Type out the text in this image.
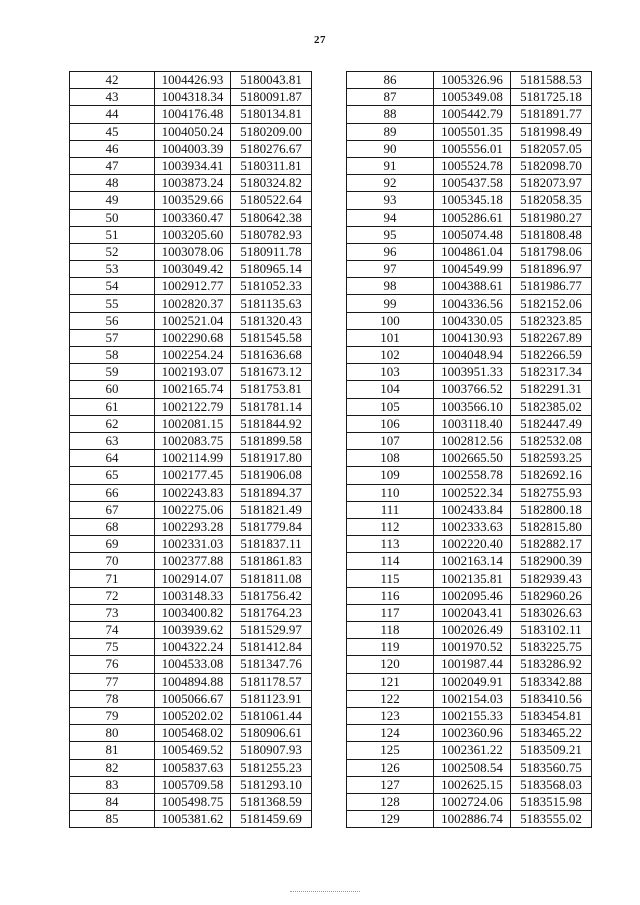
27
42	1004426.93	5180043.81
43	1004318.34	5180091.87
44	1004176.48	5180134.81
45	1004050.24	5180209.00
46	1004003.39	5180276.67
47	1003934.41	5180311.81
48	1003873.24	5180324.82
49	1003529.66	5180522.64
50	1003360.47	5180642.38
51	1003205.60	5180782.93
52	1003078.06	5180911.78
53	1003049.42	5180965.14
54	1002912.77	5181052.33
55	1002820.37	5181135.63
56	1002521.04	5181320.43
57	1002290.68	5181545.58
58	1002254.24	5181636.68
59	1002193.07	5181673.12
60	1002165.74	5181753.81
61	1002122.79	5181781.14
62	1002081.15	5181844.92
63	1002083.75	5181899.58
64	1002114.99	5181917.80
65	1002177.45	5181906.08
66	1002243.83	5181894.37
67	1002275.06	5181821.49
68	1002293.28	5181779.84
69	1002331.03	5181837.11
70	1002377.88	5181861.83
71	1002914.07	5181811.08
72	1003148.33	5181756.42
73	1003400.82	5181764.23
74	1003939.62	5181529.97
75	1004322.24	5181412.84
76	1004533.08	5181347.76
77	1004894.88	5181178.57
78	1005066.67	5181123.91
79	1005202.02	5181061.44
80	1005468.02	5180906.61
81	1005469.52	5180907.93
82	1005837.63	5181255.23
83	1005709.58	5181293.10
84	1005498.75	5181368.59
85	1005381.62	5181459.69
86	1005326.96	5181588.53
87	1005349.08	5181725.18
88	1005442.79	5181891.77
89	1005501.35	5181998.49
90	1005556.01	5182057.05
91	1005524.78	5182098.70
92	1005437.58	5182073.97
93	1005345.18	5182058.35
94	1005286.61	5181980.27
95	1005074.48	5181808.48
96	1004861.04	5181798.06
97	1004549.99	5181896.97
98	1004388.61	5181986.77
99	1004336.56	5182152.06
100	1004330.05	5182323.85
101	1004130.93	5182267.89
102	1004048.94	5182266.59
103	1003951.33	5182317.34
104	1003766.52	5182291.31
105	1003566.10	5182385.02
106	1003118.40	5182447.49
107	1002812.56	5182532.08
108	1002665.50	5182593.25
109	1002558.78	5182692.16
110	1002522.34	5182755.93
111	1002433.84	5182800.18
112	1002333.63	5182815.80
113	1002220.40	5182882.17
114	1002163.14	5182900.39
115	1002135.81	5182939.43
116	1002095.46	5182960.26
117	1002043.41	5183026.63
118	1002026.49	5183102.11
119	1001970.52	5183225.75
120	1001987.44	5183286.92
121	1002049.91	5183342.88
122	1002154.03	5183410.56
123	1002155.33	5183454.81
124	1002360.96	5183465.22
125	1002361.22	5183509.21
126	1002508.54	5183560.75
127	1002625.15	5183568.03
128	1002724.06	5183515.98
129	1002886.74	5183555.02
